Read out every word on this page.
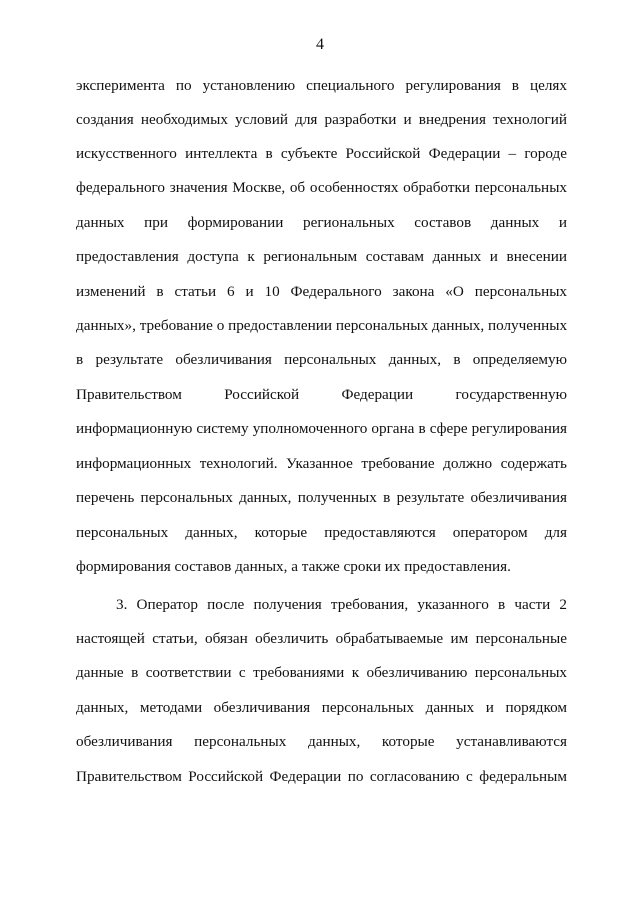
4
эксперимента по установлению специального регулирования в целях
создания необходимых условий для разработки и внедрения технологий
искусственного интеллекта в субъекте Российской Федерации – городе
федерального значения Москве, об особенностях обработки персональных
данных при формировании региональных составов данных и
предоставления доступа к региональным составам данных и внесении
изменений в статьи 6 и 10 Федерального закона «О персональных
данных», требование о предоставлении персональных данных, полученных
в результате обезличивания персональных данных, в определяемую
Правительством Российской Федерации государственную
информационную систему уполномоченного органа в сфере регулирования
информационных технологий. Указанное требование должно содержать
перечень персональных данных, полученных в результате обезличивания
персональных данных, которые предоставляются оператором для
формирования составов данных, а также сроки их предоставления.
3. Оператор после получения требования, указанного в части 2
настоящей статьи, обязан обезличить обрабатываемые им персональные
данные в соответствии с требованиями к обезличиванию персональных
данных, методами обезличивания персональных данных и порядком
обезличивания персональных данных, которые устанавливаются
Правительством Российской Федерации по согласованию с федеральным
